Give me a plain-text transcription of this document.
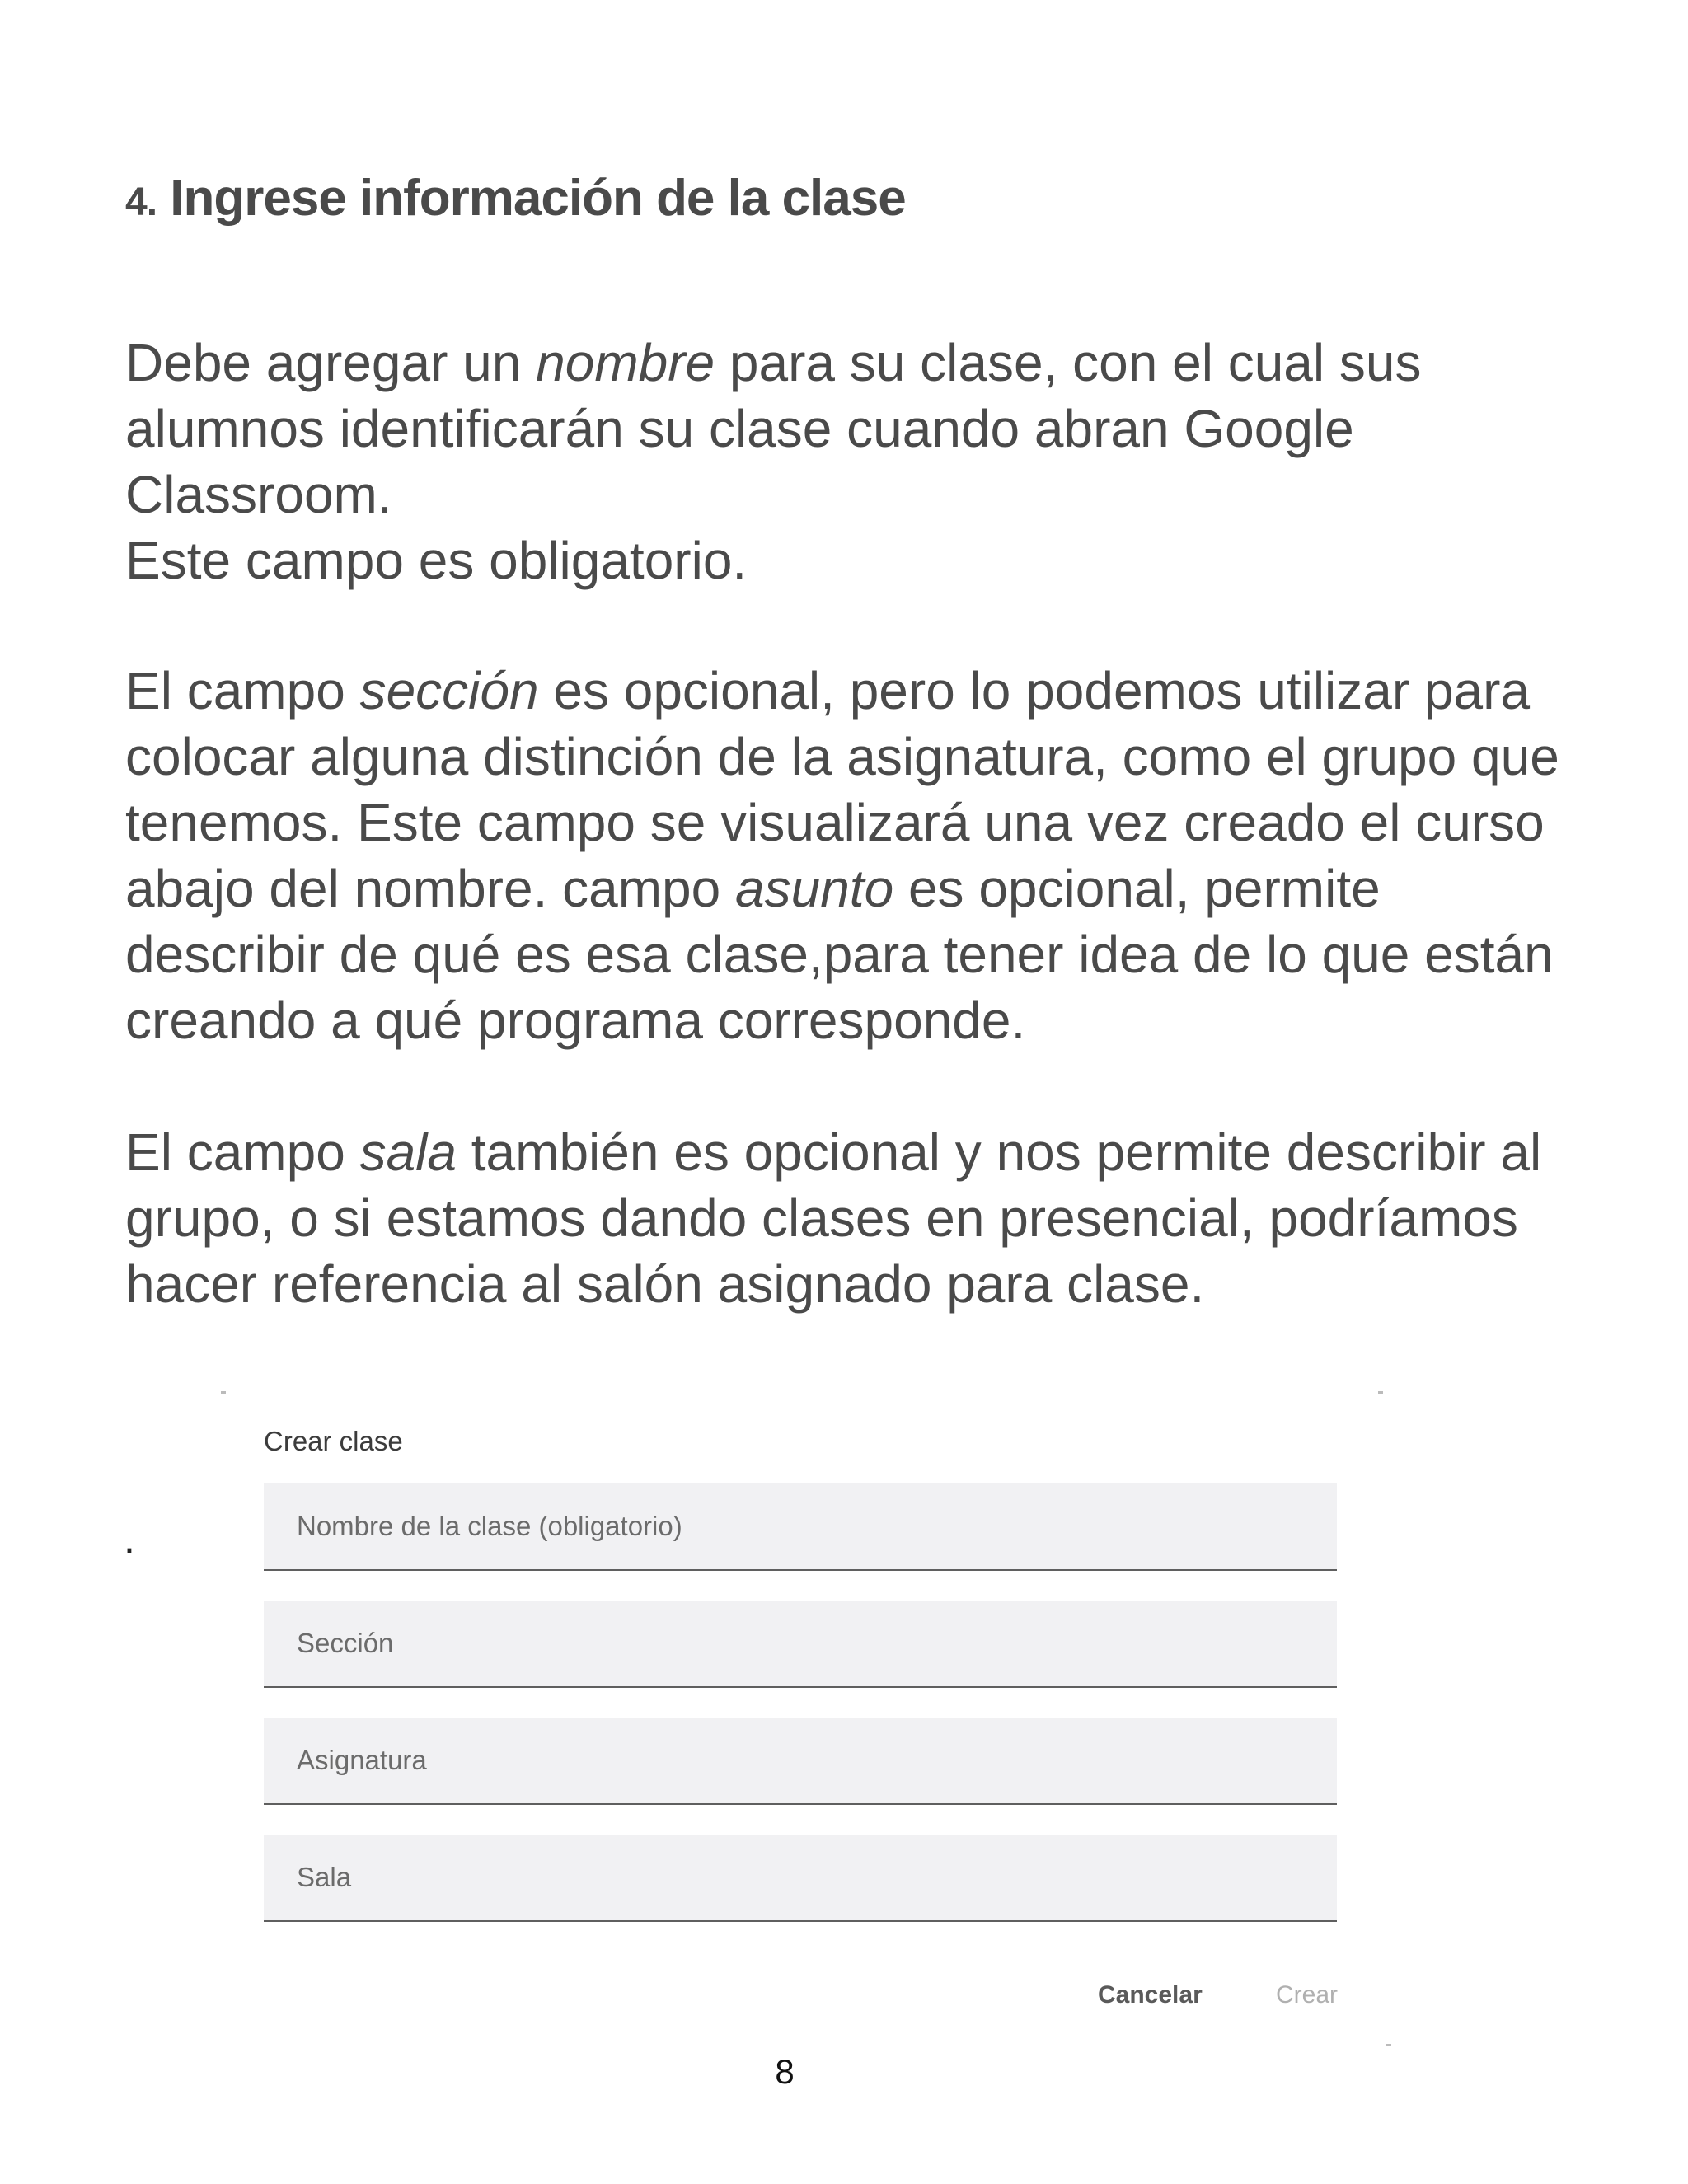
4. Ingrese información de la clase

Debe agregar un nombre para su clase, con el cual sus alumnos identificarán su clase cuando abran Google Classroom.
Este campo es obligatorio.

El campo sección es opcional, pero lo podemos utilizar para colocar alguna distinción de la asignatura, como el grupo que tenemos. Este campo se visualizará una vez creado el curso abajo del nombre. campo asunto es opcional, permite describir de qué es esa clase,para tener idea de lo que están creando a qué programa corresponde.

El campo sala también es opcional y nos permite describir al grupo, o si estamos dando clases en presencial, podríamos hacer referencia al salón asignado para clase.

.
Crear clase
Nombre de la clase (obligatorio)
Sección
Asignatura
Sala
Cancelar	Crear
8
